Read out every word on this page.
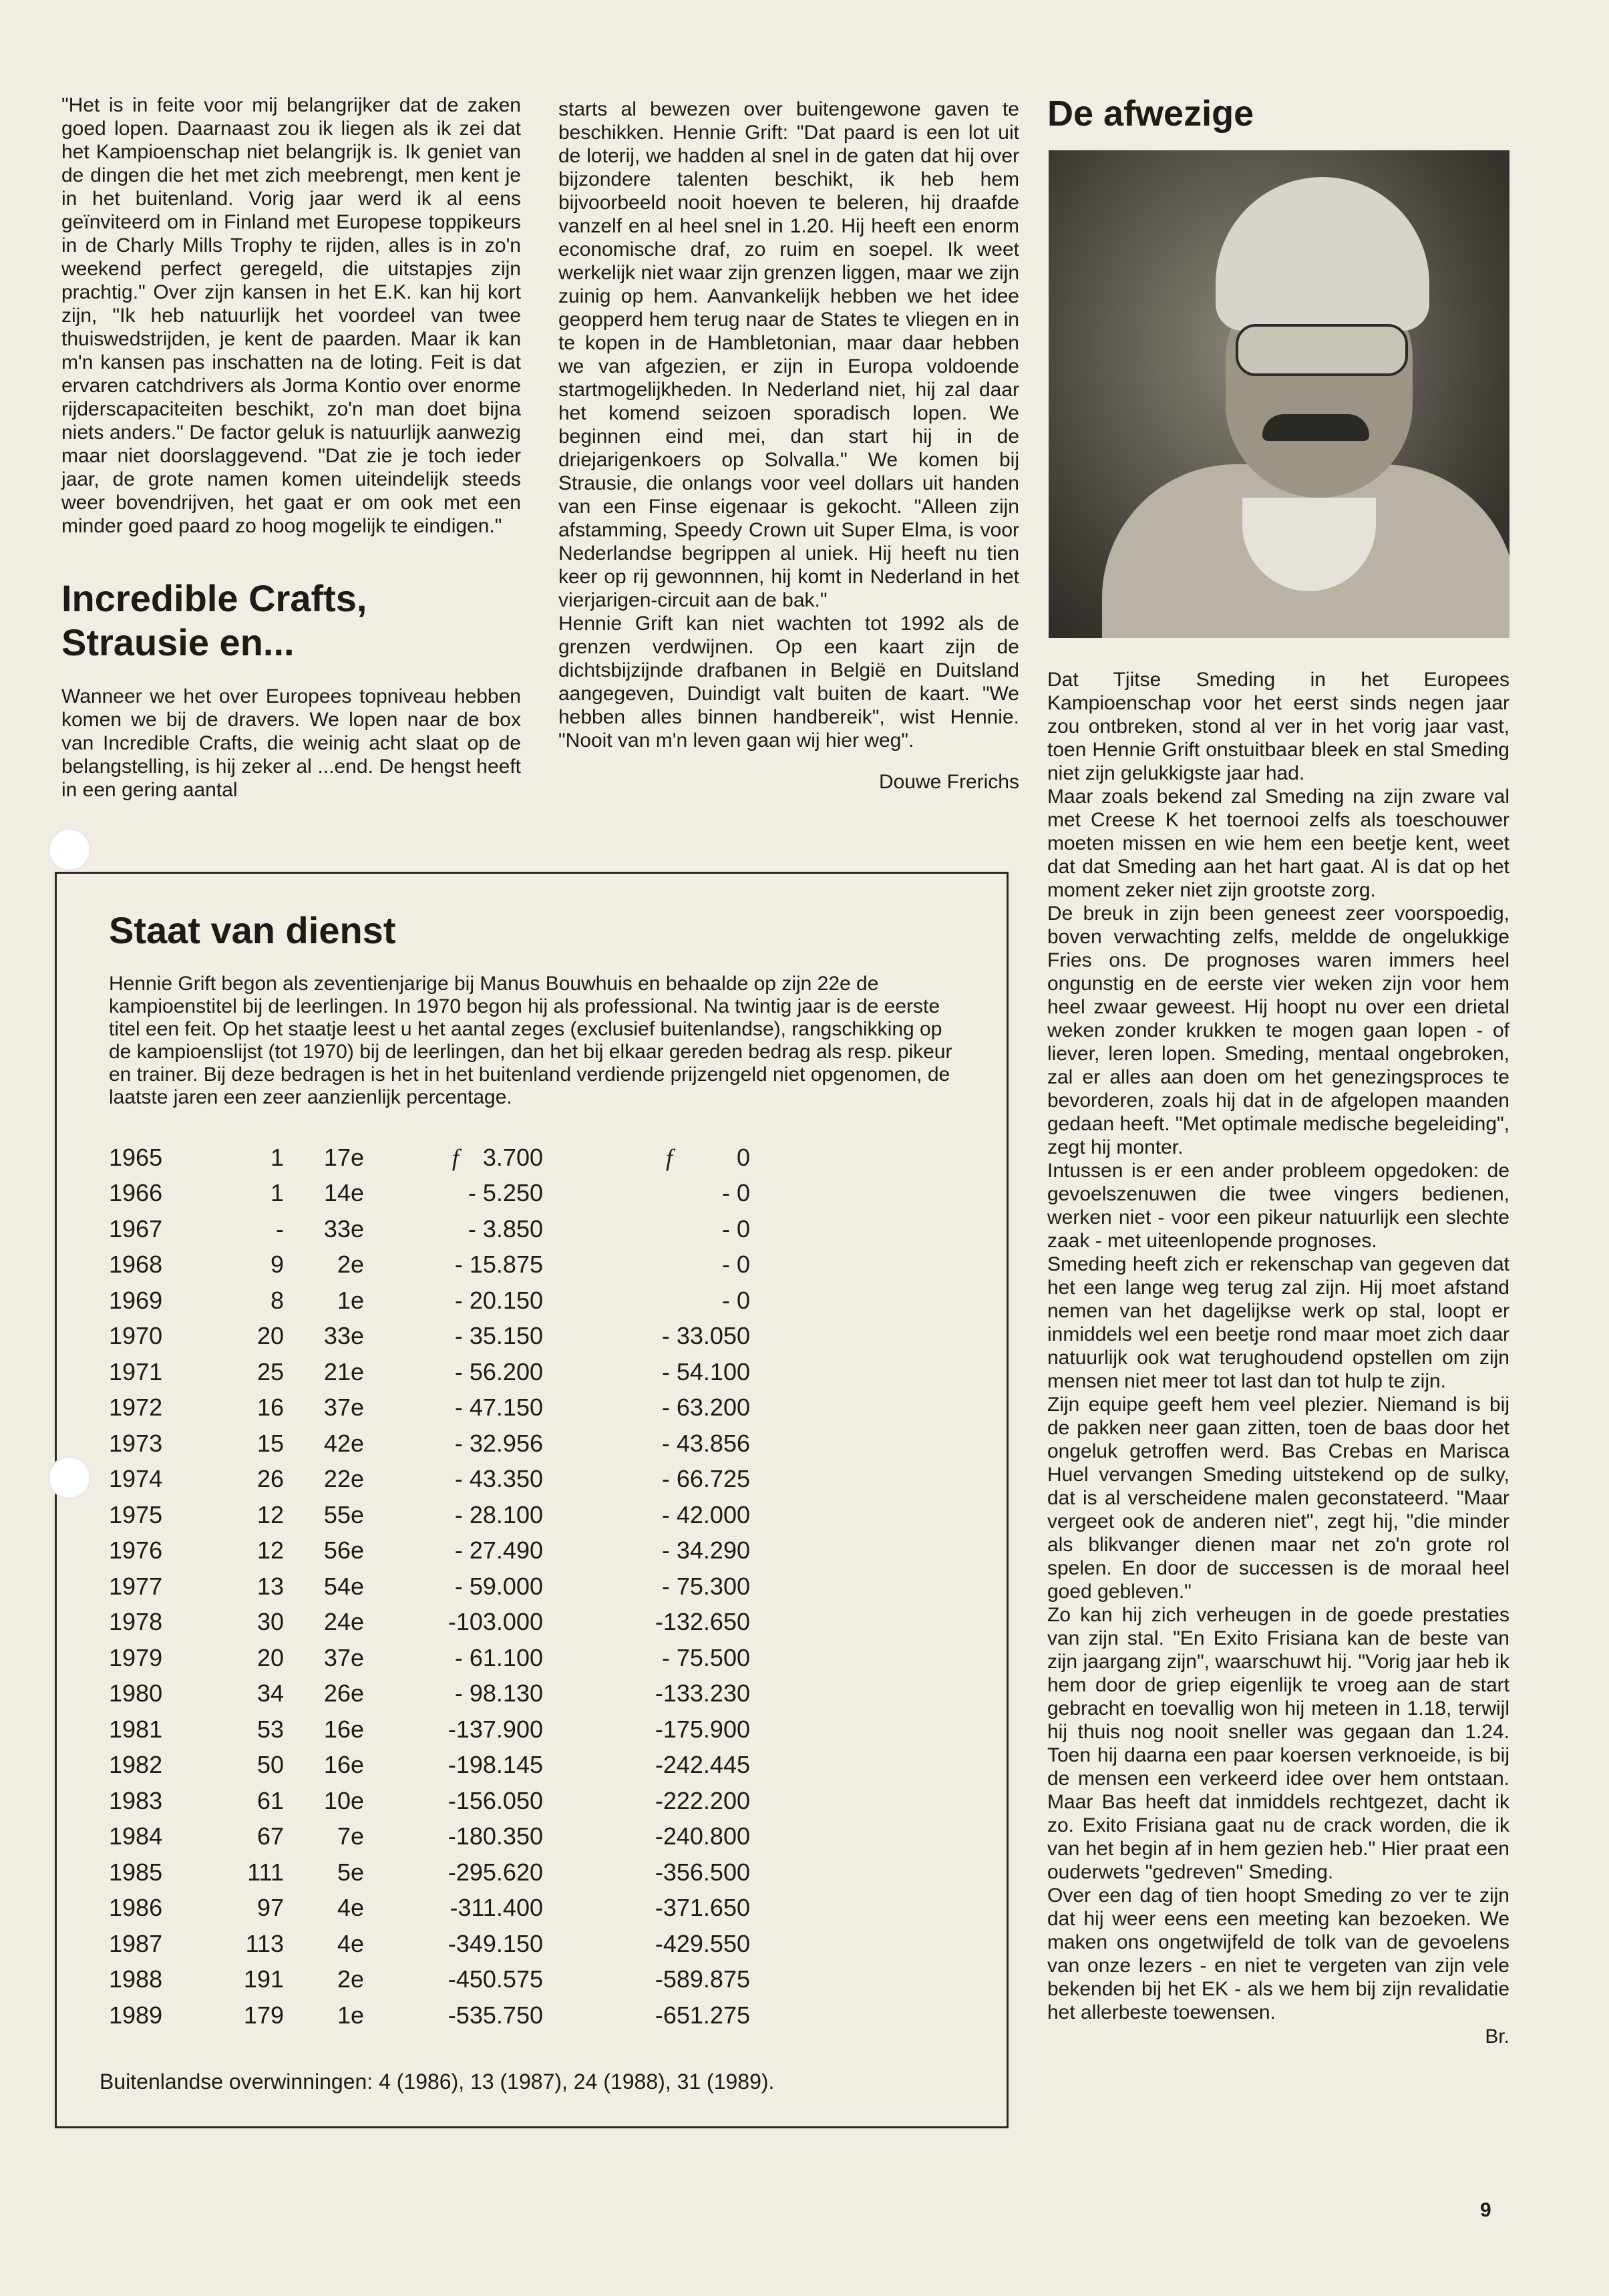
"Het is in feite voor mij belangrijker dat de zaken goed lopen. Daarnaast zou ik liegen als ik zei dat het Kampioenschap niet belangrijk is. Ik geniet van de dingen die het met zich meebrengt, men kent je in het buitenland. Vorig jaar werd ik al eens geïnviteerd om in Finland met Europese toppikeurs in de Charly Mills Trophy te rijden, alles is in zo'n weekend perfect geregeld, die uitstapjes zijn prachtig." Over zijn kansen in het E.K. kan hij kort zijn, "Ik heb natuurlijk het voordeel van twee thuiswedstrijden, je kent de paarden. Maar ik kan m'n kansen pas inschatten na de loting. Feit is dat ervaren catchdrivers als Jorma Kontio over enorme rijderscapaciteiten beschikt, zo'n man doet bijna niets anders." De factor geluk is natuurlijk aanwezig maar niet doorslaggevend. "Dat zie je toch ieder jaar, de grote namen komen uiteindelijk steeds weer bovendrijven, het gaat er om ook met een minder goed paard zo hoog mogelijk te eindigen."

Incredible Crafts,
Strausie en...

Wanneer we het over Europees topniveau hebben komen we bij de dravers. We lopen naar de box van Incredible Crafts, die weinig acht slaat op de belangstelling, is hij zeker al ...end. De hengst heeft in een gering aantal

starts al bewezen over buitengewone gaven te beschikken. Hennie Grift: "Dat paard is een lot uit de loterij, we hadden al snel in de gaten dat hij over bijzondere talenten beschikt, ik heb hem bijvoorbeeld nooit hoeven te beleren, hij draafde vanzelf en al heel snel in 1.20. Hij heeft een enorm economische draf, zo ruim en soepel. Ik weet werkelijk niet waar zijn grenzen liggen, maar we zijn zuinig op hem. Aanvankelijk hebben we het idee geopperd hem terug naar de States te vliegen en in te kopen in de Hambletonian, maar daar hebben we van afgezien, er zijn in Europa voldoende startmogelijkheden. In Nederland niet, hij zal daar het komend seizoen sporadisch lopen. We beginnen eind mei, dan start hij in de driejarigenkoers op Solvalla." We komen bij Strausie, die onlangs voor veel dollars uit handen van een Finse eigenaar is gekocht. "Alleen zijn afstamming, Speedy Crown uit Super Elma, is voor Nederlandse begrippen al uniek. Hij heeft nu tien keer op rij gewonnnen, hij komt in Nederland in het vierjarigen-circuit aan de bak."

Hennie Grift kan niet wachten tot 1992 als de grenzen verdwijnen. Op een kaart zijn de dichtsbijzijnde drafbanen in België en Duitsland aangegeven, Duindigt valt buiten de kaart. "We hebben alles binnen handbereik", wist Hennie. "Nooit van m'n leven gaan wij hier weg".

Douwe Frerichs
De afwezige

Dat Tjitse Smeding in het Europees Kampioenschap voor het eerst sinds negen jaar zou ontbreken, stond al ver in het vorig jaar vast, toen Hennie Grift onstuitbaar bleek en stal Smeding niet zijn gelukkigste jaar had.

Maar zoals bekend zal Smeding na zijn zware val met Creese K het toernooi zelfs als toeschouwer moeten missen en wie hem een beetje kent, weet dat dat Smeding aan het hart gaat. Al is dat op het moment zeker niet zijn grootste zorg.

De breuk in zijn been geneest zeer voorspoedig, boven verwachting zelfs, meldde de ongelukkige Fries ons. De prognoses waren immers heel ongunstig en de eerste vier weken zijn voor hem heel zwaar geweest. Hij hoopt nu over een drietal weken zonder krukken te mogen gaan lopen - of liever, leren lopen. Smeding, mentaal ongebroken, zal er alles aan doen om het genezingsproces te bevorderen, zoals hij dat in de afgelopen maanden gedaan heeft. "Met optimale medische begeleiding", zegt hij monter.

Intussen is er een ander probleem opgedoken: de gevoelszenuwen die twee vingers bedienen, werken niet - voor een pikeur natuurlijk een slechte zaak - met uiteenlopende prognoses.

Smeding heeft zich er rekenschap van gegeven dat het een lange weg terug zal zijn. Hij moet afstand nemen van het dagelijkse werk op stal, loopt er inmiddels wel een beetje rond maar moet zich daar natuurlijk ook wat terughoudend opstellen om zijn mensen niet meer tot last dan tot hulp te zijn.

Zijn equipe geeft hem veel plezier. Niemand is bij de pakken neer gaan zitten, toen de baas door het ongeluk getroffen werd. Bas Crebas en Marisca Huel vervangen Smeding uitstekend op de sulky, dat is al verscheidene malen geconstateerd. "Maar vergeet ook de anderen niet", zegt hij, "die minder als blikvanger dienen maar net zo'n grote rol spelen. En door de successen is de moraal heel goed gebleven."

Zo kan hij zich verheugen in de goede prestaties van zijn stal. "En Exito Frisiana kan de beste van zijn jaargang zijn", waarschuwt hij. "Vorig jaar heb ik hem door de griep eigenlijk te vroeg aan de start gebracht en toevallig won hij meteen in 1.18, terwijl hij thuis nog nooit sneller was gegaan dan 1.24. Toen hij daarna een paar koersen verknoeide, is bij de mensen een verkeerd idee over hem ontstaan. Maar Bas heeft dat inmiddels rechtgezet, dacht ik zo. Exito Frisiana gaat nu de crack worden, die ik van het begin af in hem gezien heb." Hier praat een ouderwets "gedreven" Smeding.

Over een dag of tien hoopt Smeding zo ver te zijn dat hij weer eens een meeting kan bezoeken. We maken ons ongetwijfeld de tolk van de gevoelens van onze lezers - en niet te vergeten van zijn vele bekenden bij het EK - als we hem bij zijn revalidatie het allerbeste toewensen.

Br.
Staat van dienst

Hennie Grift begon als zeventienjarige bij Manus Bouwhuis en behaalde op zijn 22e de kampioenstitel bij de leerlingen. In 1970 begon hij als professional. Na twintig jaar is de eerste titel een feit. Op het staatje leest u het aantal zeges (exclusief buitenlandse), rangschikking op de kampioenslijst (tot 1970) bij de leerlingen, dan het bij elkaar gereden bedrag als resp. pikeur en trainer. Bij deze bedragen is het in het buitenland verdiende prijzengeld niet opgenomen, de laatste jaren een zeer aanzienlijk percentage.

1965	1	17e	f 3.700	f 0
1966	1	14e	- 5.250	- 0
1967	-	33e	- 3.850	- 0
1968	9	2e	- 15.875	- 0
1969	8	1e	- 20.150	- 0
1970	20	33e	- 35.150	- 33.050
1971	25	21e	- 56.200	- 54.100
1972	16	37e	- 47.150	- 63.200
1973	15	42e	- 32.956	- 43.856
1974	26	22e	- 43.350	- 66.725
1975	12	55e	- 28.100	- 42.000
1976	12	56e	- 27.490	- 34.290
1977	13	54e	- 59.000	- 75.300
1978	30	24e	-103.000	-132.650
1979	20	37e	- 61.100	- 75.500
1980	34	26e	- 98.130	-133.230
1981	53	16e	-137.900	-175.900
1982	50	16e	-198.145	-242.445
1983	61	10e	-156.050	-222.200
1984	67	7e	-180.350	-240.800
1985	111	5e	-295.620	-356.500
1986	97	4e	-311.400	-371.650
1987	113	4e	-349.150	-429.550
1988	191	2e	-450.575	-589.875
1989	179	1e	-535.750	-651.275

Buitenlandse overwinningen: 4 (1986), 13 (1987), 24 (1988), 31 (1989).

9
